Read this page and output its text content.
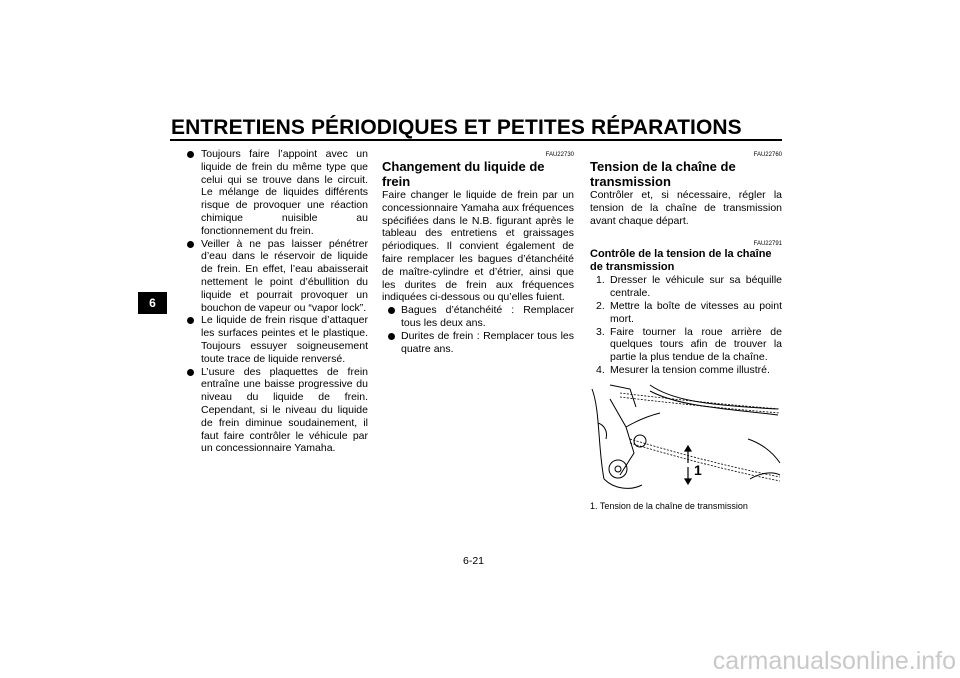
ENTRETIENS PÉRIODIQUES ET PETITES RÉPARATIONS
6
Toujours faire l’appoint avec un liquide de frein du même type que celui qui se trouve dans le circuit. Le mélange de liquides différents risque de provoquer une réaction chimique nuisible au fonctionnement du frein.
Veiller à ne pas laisser pénétrer d’eau dans le réservoir de liquide de frein. En effet, l’eau abaisserait nettement le point d’ébullition du liquide et pourrait provoquer un bouchon de vapeur ou “vapor lock”.
Le liquide de frein risque d’attaquer les surfaces peintes et le plastique. Toujours essuyer soigneusement toute trace de liquide renversé.
L’usure des plaquettes de frein entraîne une baisse progressive du niveau du liquide de frein. Cependant, si le niveau du liquide de frein diminue soudainement, il faut faire contrôler le véhicule par un concessionnaire Yamaha.
FAU22730
Changement du liquide de frein

Faire changer le liquide de frein par un concessionnaire Yamaha aux fréquences spécifiées dans le N.B. figurant après le tableau des entretiens et graissages périodiques. Il convient également de faire remplacer les bagues d’étanchéité de maître-cylindre et d’étrier, ainsi que les durites de frein aux fréquences indiquées ci-dessous ou qu’elles fuient.

Bagues d’étanchéité : Remplacer tous les deux ans.
Durites de frein : Remplacer tous les quatre ans.
FAU22760
Tension de la chaîne de transmission

Contrôler et, si nécessaire, régler la tension de la chaîne de transmission avant chaque départ.

FAU22791
Contrôle de la tension de la chaîne de transmission
1. Dresser le véhicule sur sa béquille centrale.
2. Mettre la boîte de vitesses au point mort.
3. Faire tourner la roue arrière de quelques tours afin de trouver la partie la plus tendue de la chaîne.
4. Mesurer la tension comme illustré.
1
1. Tension de la chaîne de transmission
6-21
carmanualsonline.info
